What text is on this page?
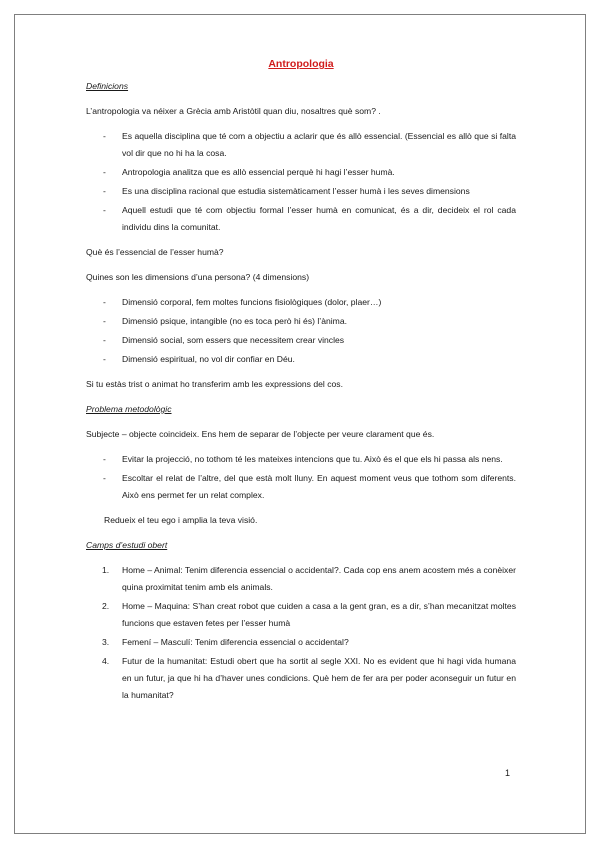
Antropologia
Definicions

L’antropologia va néixer a Grècia amb Aristòtil quan diu, nosaltres què som? .

- Es aquella disciplina que té com a objectiu a aclarir que és allò essencial. (Essencial es allò que si falta vol dir que no hi ha la cosa.
- Antropologia analitza que es allò essencial perquè hi hagi l’esser humà.
- Es una disciplina racional que estudia sistemàticament l’esser humà i les seves dimensions
- Aquell estudi que té com objectiu formal l’esser humà en comunicat, és a dir, decideix el rol cada individu dins la comunitat.

Què és l’essencial de l’esser humà?

Quines son les dimensions d’una persona? (4 dimensions)

- Dimensió corporal, fem moltes funcions fisiològiques (dolor, plaer…)
- Dimensió psique, intangible (no es toca però hi és) l’ànima.
- Dimensió social, som essers que necessitem crear vincles
- Dimensió espiritual, no vol dir confiar en Déu.

Si tu estàs trist o animat ho transferim amb les expressions del cos.

Problema metodològic

Subjecte – objecte coincideix. Ens hem de separar de l’objecte per veure clarament que és.

- Evitar la projecció, no tothom té les mateixes intencions que tu. Això és el que els hi passa als nens.
- Escoltar el relat de l’altre, del que està molt lluny. En aquest moment veus que tothom som diferents. Això ens permet fer un relat complex.

Redueix el teu ego i amplia la teva visió.

Camps d’estudi obert
1. Home – Animal: Tenim diferencia essencial o accidental?. Cada cop ens anem acostem més a conèixer quina proximitat tenim amb els animals.
2. Home – Maquina: S’han creat robot que cuiden a casa a la gent gran, es a dir, s’han mecanitzat moltes funcions que estaven fetes per l’esser humà
3. Femení – Masculí: Tenim diferencia essencial o accidental?
4. Futur de la humanitat: Estudi obert que ha sortit al segle XXI. No es evident que hi hagi vida humana en un futur, ja que hi ha d’haver unes condicions. Què hem de fer ara per poder aconseguir un futur en la humanitat?
1
